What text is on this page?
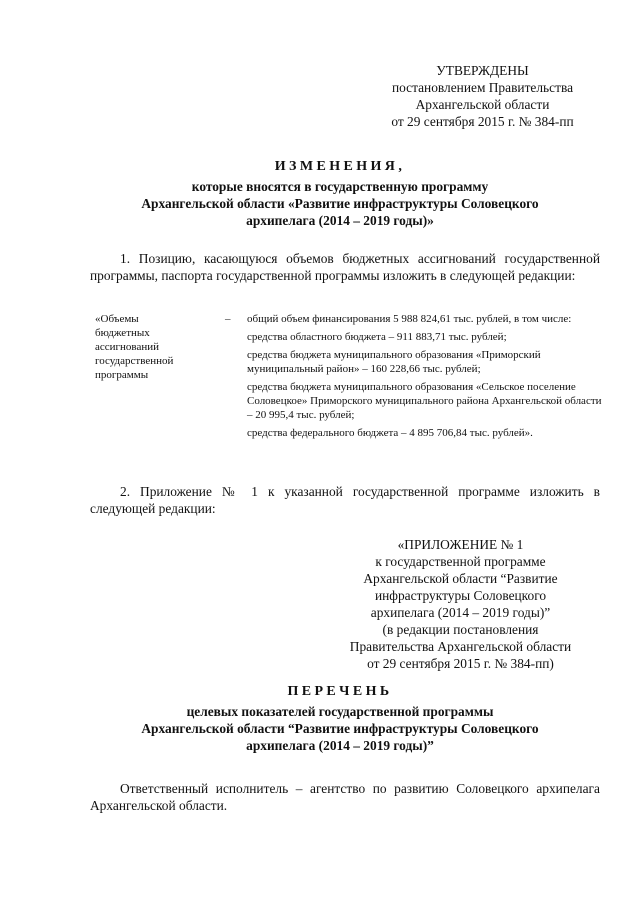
УТВЕРЖДЕНЫ
постановлением Правительства
Архангельской области
от 29 сентября 2015 г. № 384-пп
ИЗМЕНЕНИЯ,
которые вносятся в государственную программу
Архангельской области «Развитие инфраструктуры Соловецкого
архипелага (2014 – 2019 годы)»
1. Позицию, касающуюся объемов бюджетных ассигнований государственной программы, паспорта государственной программы изложить в следующей редакции:
«Объемы
бюджетных
ассигнований
государственной
программы
– общий объем финансирования 5 988 824,61 тыс. рублей, в том числе:
средства областного бюджета – 911 883,71 тыс. рублей;
средства бюджета муниципального образования «Приморский муниципальный район» – 160 228,66 тыс. рублей;
средства бюджета муниципального образования «Сельское поселение Соловецкое» Приморского муниципального района Архангельской области – 20 995,4 тыс. рублей;
средства федерального бюджета – 4 895 706,84 тыс. рублей».
2. Приложение № 1 к указанной государственной программе изложить в следующей редакции:
«ПРИЛОЖЕНИЕ № 1
к государственной программе
Архангельской области “Развитие
инфраструктуры Соловецкого
архипелага (2014 – 2019 годы)”
(в редакции постановления
Правительства Архангельской области
от 29 сентября 2015 г. № 384-пп)
ПЕРЕЧЕНЬ
целевых показателей государственной программы
Архангельской области “Развитие инфраструктуры Соловецкого
архипелага (2014 – 2019 годы)”
Ответственный исполнитель – агентство по развитию Соловецкого архипелага Архангельской области.
